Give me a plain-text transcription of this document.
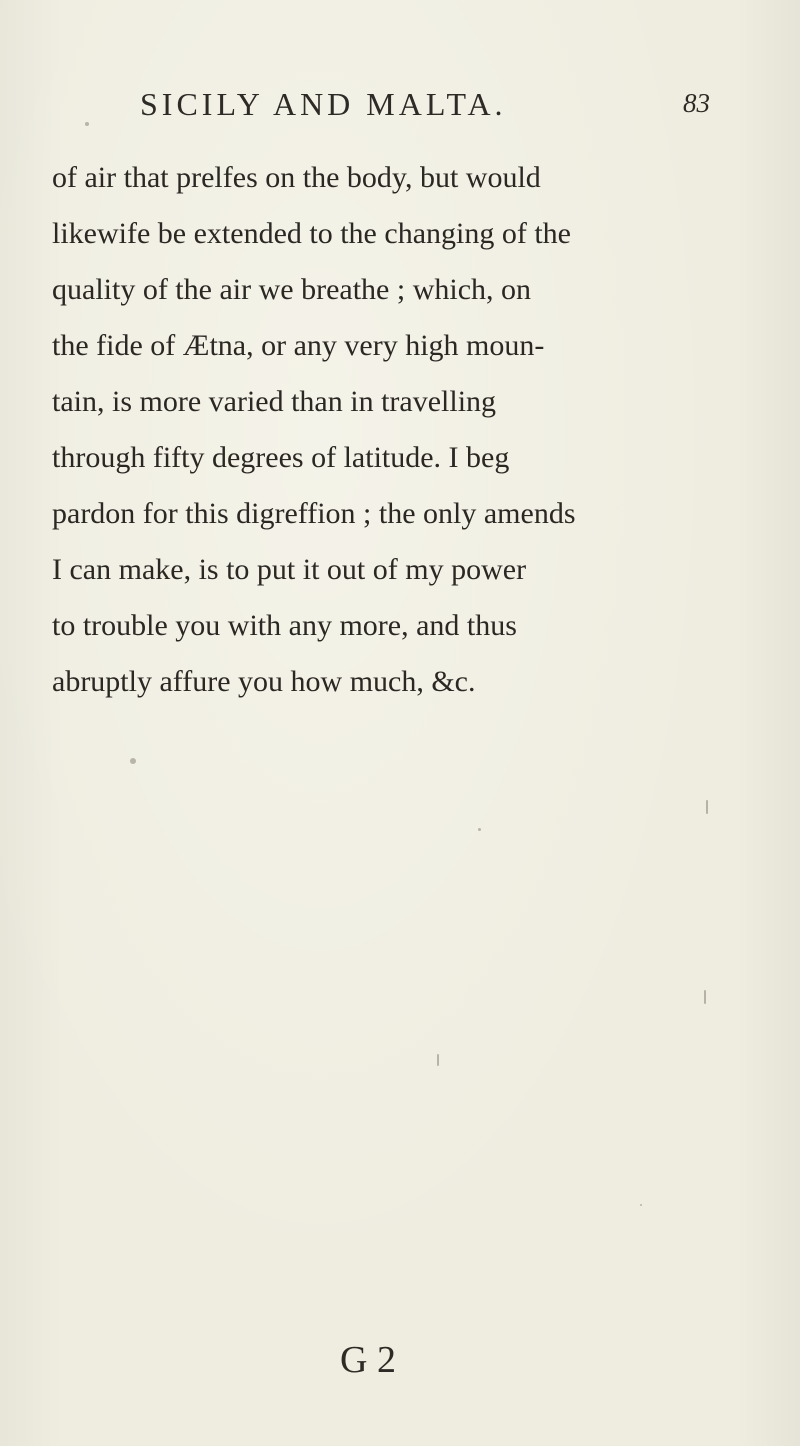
SICILY AND MALTA.	83
of air that prelfes on the body, but would
likewife be extended to the changing of the
quality of the air we breathe ; which, on
the fide of Ætna, or any very high moun-
tain, is more varied than in travelling
through fifty degrees of latitude. I beg
pardon for this digreffion ; the only amends
I can make, is to put it out of my power
to trouble you with any more, and thus
abruptly affure you how much, &c.
G 2
